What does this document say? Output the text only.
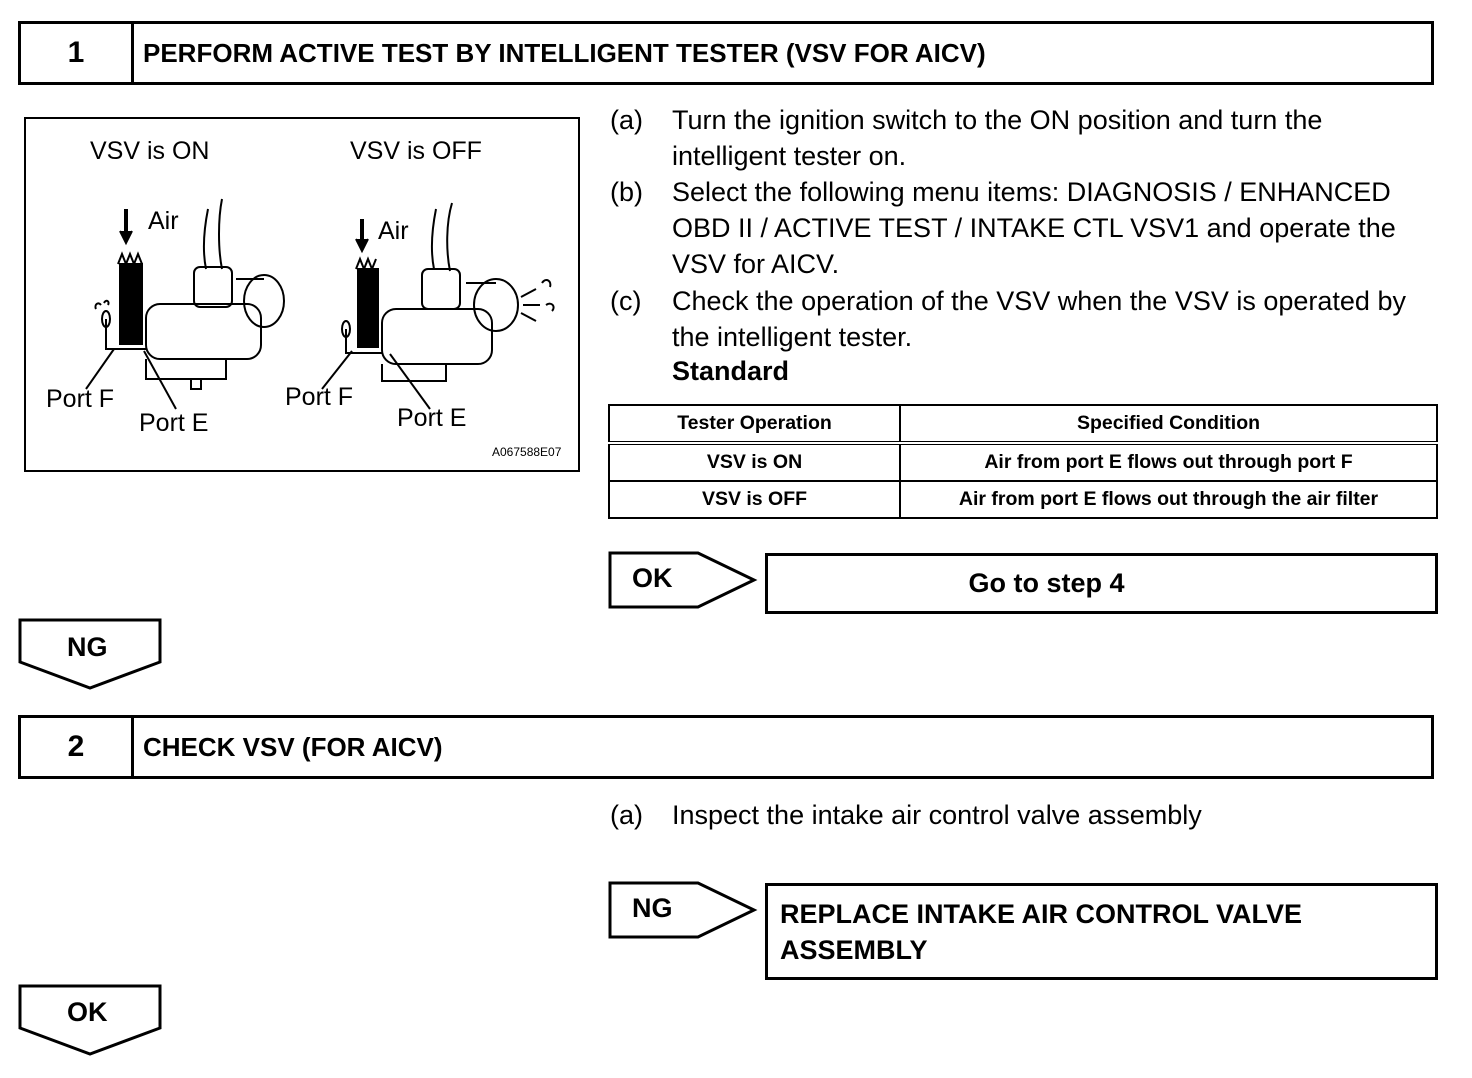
1	PERFORM ACTIVE TEST BY INTELLIGENT TESTER (VSV FOR AICV)
VSV is ON	VSV is OFF
Air	Air
Port F
Port E
Port F
Port E
A067588E07
(a)	Turn the ignition switch to the ON position and turn the intelligent tester on.
(b)	Select the following menu items: DIAGNOSIS / ENHANCED OBD II / ACTIVE TEST / INTAKE CTL VSV1 and operate the VSV for AICV.
(c)	Check the operation of the VSV when the VSV is operated by the intelligent tester.
Standard
Tester Operation	Specified Condition
VSV is ON	Air from port E flows out through port F
VSV is OFF	Air from port E flows out through the air filter
OK	Go to step 4
NG
2	CHECK VSV (FOR AICV)
(a)	Inspect the intake air control valve assembly
NG	REPLACE INTAKE AIR CONTROL VALVE ASSEMBLY
OK
